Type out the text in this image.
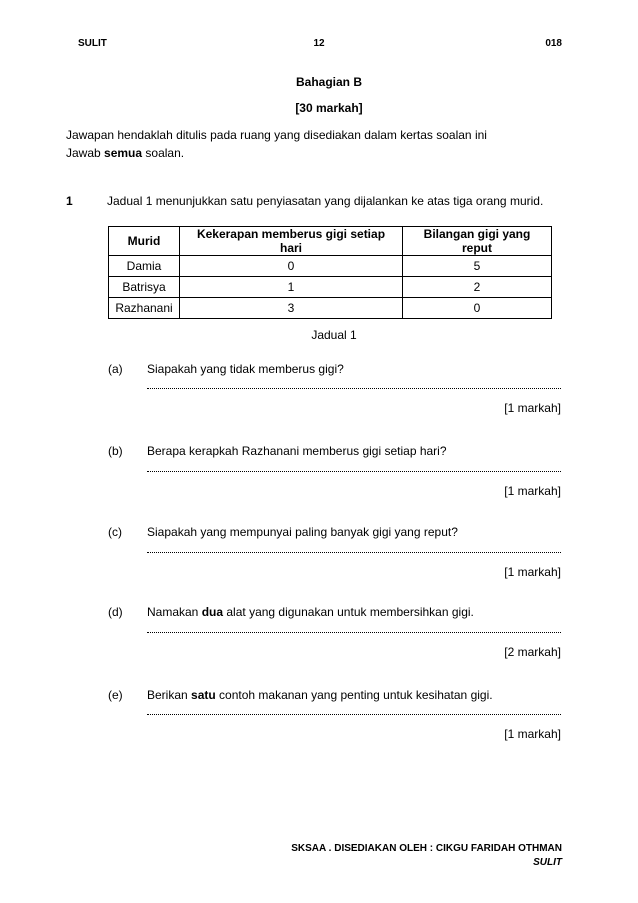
SULIT	12	018
Bahagian B
[30 markah]
Jawapan hendaklah ditulis pada ruang yang disediakan dalam kertas soalan ini
Jawab semua soalan.
1	Jadual 1 menunjukkan satu penyiasatan yang dijalankan ke atas tiga orang murid.
Murid	Kekerapan memberus gigi setiap hari	Bilangan gigi yang reput
Damia	0	5
Batrisya	1	2
Razhanani	3	0
Jadual 1
(a) Siapakah yang tidak memberus gigi?
[1 markah]
(b) Berapa kerapkah Razhanani memberus gigi setiap hari?
[1 markah]
(c) Siapakah yang mempunyai paling banyak gigi yang reput?
[1 markah]
(d) Namakan dua alat yang digunakan untuk membersihkan gigi.
[2 markah]
(e) Berikan satu contoh makanan yang penting untuk kesihatan gigi.
[1 markah]
SKSAA . DISEDIAKAN OLEH : CIKGU FARIDAH OTHMAN
SULIT
